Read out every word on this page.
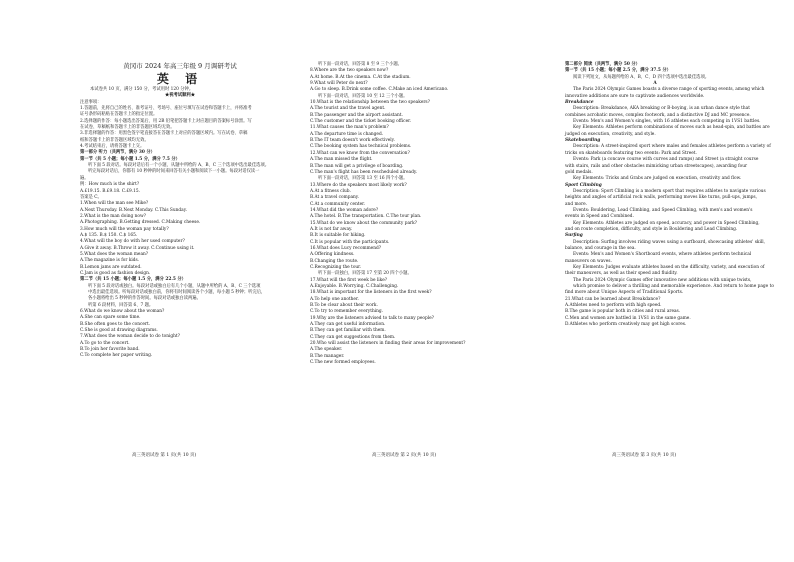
黄冈市 2024 年高三年级 9 月调研考试
英 语
本试卷共 10 页，满分 150 分，考试用时 120 分钟。
★祝考试顺利★
注意事项：
1.答题前，先将自己的姓名、准考证号、考场号、座位号填写在试卷和答题卡上，并将准考
证号条形码粘贴在答题卡上的指定位置。
2.选择题的作答：每小题选出答案后，用 2B 铅笔把答题卡上对应题目的答案标号涂黑。写
在试卷、草稿纸和答题卡上的非答题区域均无效。
3.非选择题的作答：用黑色签字笔直接答在答题卡上对应的答题区域内。写在试卷、草稿
纸和答题卡上的非答题区域均无效。
4.考试结束后，请将答题卡上交。
第一部分 听力（共两节，满分 30 分）
第一节（共 5 小题；每小题 1.5 分，满分 7.5 分）
听下面 5 段对话。每段对话后有一个小题，从题中所给的 A、B、C 三个选项中选出最佳选项。
听完每段对话后，你都有 10 秒钟的时间来回答有关小题和阅读下一小题。每段对话仅读一
遍。
例：How much is the shirt?
A.£19.15. B.£9.18. C.£9.15.
答案是 C。
1.When will the man see Mike?
A.Next Thursday. B.Next Monday. C.This Sunday.
2.What is the man doing now?
A.Photographing. B.Getting dressed. C.Making cheese.
3.How much will the woman pay totally?
A.$ 135. B.$ 150. C.$ 165.
4.What will the boy do with her used computer?
A.Give it away. B.Throw it away. C.Continue using it.
5.What does the woman mean?
A.The magazine is for kids.
B.Lemon jams are outdated.
C.Jam is good as fashion design.
第二节（共 15 小题；每小题 1.5 分，满分 22.5 分）
听下面 5 段对话或独白。每段对话或独白后有几个小题，从题中所给的 A、B、C 三个选项
中选出最佳选项。听每段对话或独白前，你将有时间阅读各个小题，每小题 5 秒钟；听完后，
各小题将给出 5 秒钟的作答时间。每段对话或独白读两遍。
听第 6 段材料，回答第 6、7 题。
6.What do we know about the woman?
A.She can spare some time.
B.She often goes to the concert.
C.She is good at drawing diagrams.
7.What does the woman decide to do tonight?
A.To go to the concert.
B.To join her favorite band.
C.To complete her paper writing.
听下面一段对话，回答第 8 至 9 三个小题。
8.Where are the two speakers now?
A.At home. B.At the cinema. C.At the stadium.
9.What will Peter do next?
A.Go to sleep. B.Drink some coffee. C.Make an iced Americano.
听下面一段对话，回答第 10 至 12 三个小题。
10.What is the relationship between the two speakers?
A.The tourist and the travel agent.
B.The passenger and the airport assistant.
C.The customer and the ticket booking officer.
11.What causes the man's problem?
A.The departure time is changed.
B.The IT team doesn't work effectively.
C.The booking system has technical problems.
12.What can we know from the conversation?
A.The man missed the flight.
B.The man will get a privilege of boarding.
C.The man's flight has been rescheduled already.
听下面一段对话，回答第 13 至 16 四个小题。
13.Where do the speakers most likely work?
A.At a fitness club.
B.At a travel company.
C.At a community center.
14.What did the woman adore?
A.The hotel. B.The transportation. C.The tour plan.
15.What do we know about the community park?
A.It is not far away.
B.It is suitable for hiking.
C.It is popular with the participants.
16.What does Lucy recommend?
A.Offering kindness.
B.Changing the route.
C.Recognizing the tour.
听下面一段独白，回答第 17 至第 20 四个小题。
17.What will the first week be like?
A.Enjoyable. B.Worrying. C.Challenging.
18.What is important for the listeners in the first week?
A.To help one another.
B.To be clear about their work.
C.To try to remember everything.
19.Why are the listeners advised to talk to many people?
A.They can get useful information.
B.They can get familiar with them.
C.They can get suggestions from them.
20.Who will assist the listeners in finding their areas for improvement?
A.The speaker.
B.The manager.
C.The new formed employees.
第二部分 阅读（共两节，满分 50 分）
第一节（共 15 小题；每小题 2.5 分，满分 37.5 分）
阅读下列短文，从每题所给的 A、B、C、D 四个选项中选出最佳选项。
A
The Paris 2024 Olympic Games boasts a diverse range of sporting events, among which
innovative additions are sure to captivate audiences worldwide.
Breakdance
Description: Breakdance, AKA breaking or B-boying, is an urban dance style that
combines acrobatic moves, complex footwork, and a distinctive DJ and MC presence.
Events: Men's and Women's singles, with 16 athletes each competing in 1VS1 battles.
Key Elements: Athletes perform combinations of moves such as head-spin, and battles are
judged on execution, creativity, and style.
Skateboarding
Description: A street-inspired sport where males and females athletes perform a variety of
tricks on skateboards featuring two events: Park and Street.
Events: Park (a concave course with curves and ramps) and Street (a straight course
with stairs, rails and other obstacles mimicking urban streetscapes), awarding four
gold medals.
Key Elements: Tricks and Grabs are judged on execution, creativity and flow.
Sport Climbing
Description: Sport Climbing is a modern sport that requires athletes to navigate various
heights and angles of artificial rock walls, performing moves like turns, pull-ups, jumps,
and more.
Events: Bouldering, Lead Climbing, and Speed Climbing, with men's and women's
events in Speed and Combined.
Key Elements: Athletes are judged on speed, accuracy, and power in Speed Climbing,
and on route completion, difficulty, and style in Bouldering and Lead Climbing.
Surfing
Description: Surfing involves riding waves using a surfboard, showcasing athletes' skill,
balance, and courage in the sea.
Events: Men's and Women's Shortboard events, where athletes perform technical
maneuvers on waves.
Key Elements: Judges evaluate athletes based on the difficulty, variety, and execution of
their maneuvers, as well as their speed and fluidity.
The Paris 2024 Olympic Games offer innovative new additions with unique twists,
which promise to deliver a thrilling and memorable experience. And return to home page to
find more about Unique Aspects of Traditional Sports.
21.What can be learned about Breakdance?
A.Athletes need to perform with high speed.
B.The game is popular both in cities and rural areas.
C.Men and women are battled in 1VS1 in the same game.
D.Athletes who perform creatively may get high scores.
高三英语试卷 第 1 页(共 10 页)	高三英语试卷 第 2 页(共 10 页)	高三英语试卷 第 3 页(共 10 页)
